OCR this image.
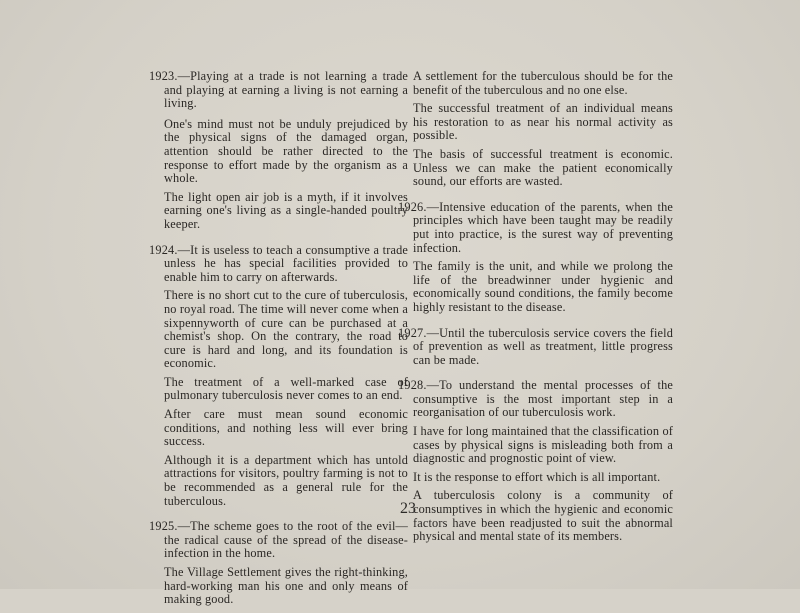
1923.—Playing at a trade is not learning a trade and playing at earning a living is not earning a living.

One's mind must not be unduly prejudiced by the physical signs of the damaged organ, attention should be rather directed to the response to effort made by the organism as a whole.

The light open air job is a myth, if it involves earning one's living as a single-handed poultry keeper.

1924.—It is useless to teach a consumptive a trade unless he has special facilities provided to enable him to carry on afterwards.

There is no short cut to the cure of tuberculosis, no royal road. The time will never come when a sixpennyworth of cure can be purchased at a chemist's shop. On the contrary, the road to cure is hard and long, and its foundation is economic.

The treatment of a well-marked case of pulmonary tuberculosis never comes to an end.

After care must mean sound economic conditions, and nothing less will ever bring success.

Although it is a department which has untold attractions for visitors, poultry farming is not to be recommended as a general rule for the tuberculous.

1925.—The scheme goes to the root of the evil—the radical cause of the spread of the disease-infection in the home.

The Village Settlement gives the right-thinking, hard-working man his one and only means of making good.

A settlement for the tuberculous should be for the benefit of the tuberculous and no one else.

The successful treatment of an individual means his restoration to as near his normal activity as possible.

The basis of successful treatment is economic. Unless we can make the patient economically sound, our efforts are wasted.

1926.—Intensive education of the parents, when the principles which have been taught may be readily put into practice, is the surest way of preventing infection.

The family is the unit, and while we prolong the life of the breadwinner under hygienic and economically sound conditions, the family become highly resistant to the disease.

1927.—Until the tuberculosis service covers the field of prevention as well as treatment, little progress can be made.

1928.—To understand the mental processes of the consumptive is the most important step in a reorganisation of our tuberculosis work.

I have for long maintained that the classification of cases by physical signs is misleading both from a diagnostic and prognostic point of view.

It is the response to effort which is all important.

A tuberculosis colony is a community of consumptives in which the hygienic and economic factors have been readjusted to suit the abnormal physical and mental state of its members.

23
